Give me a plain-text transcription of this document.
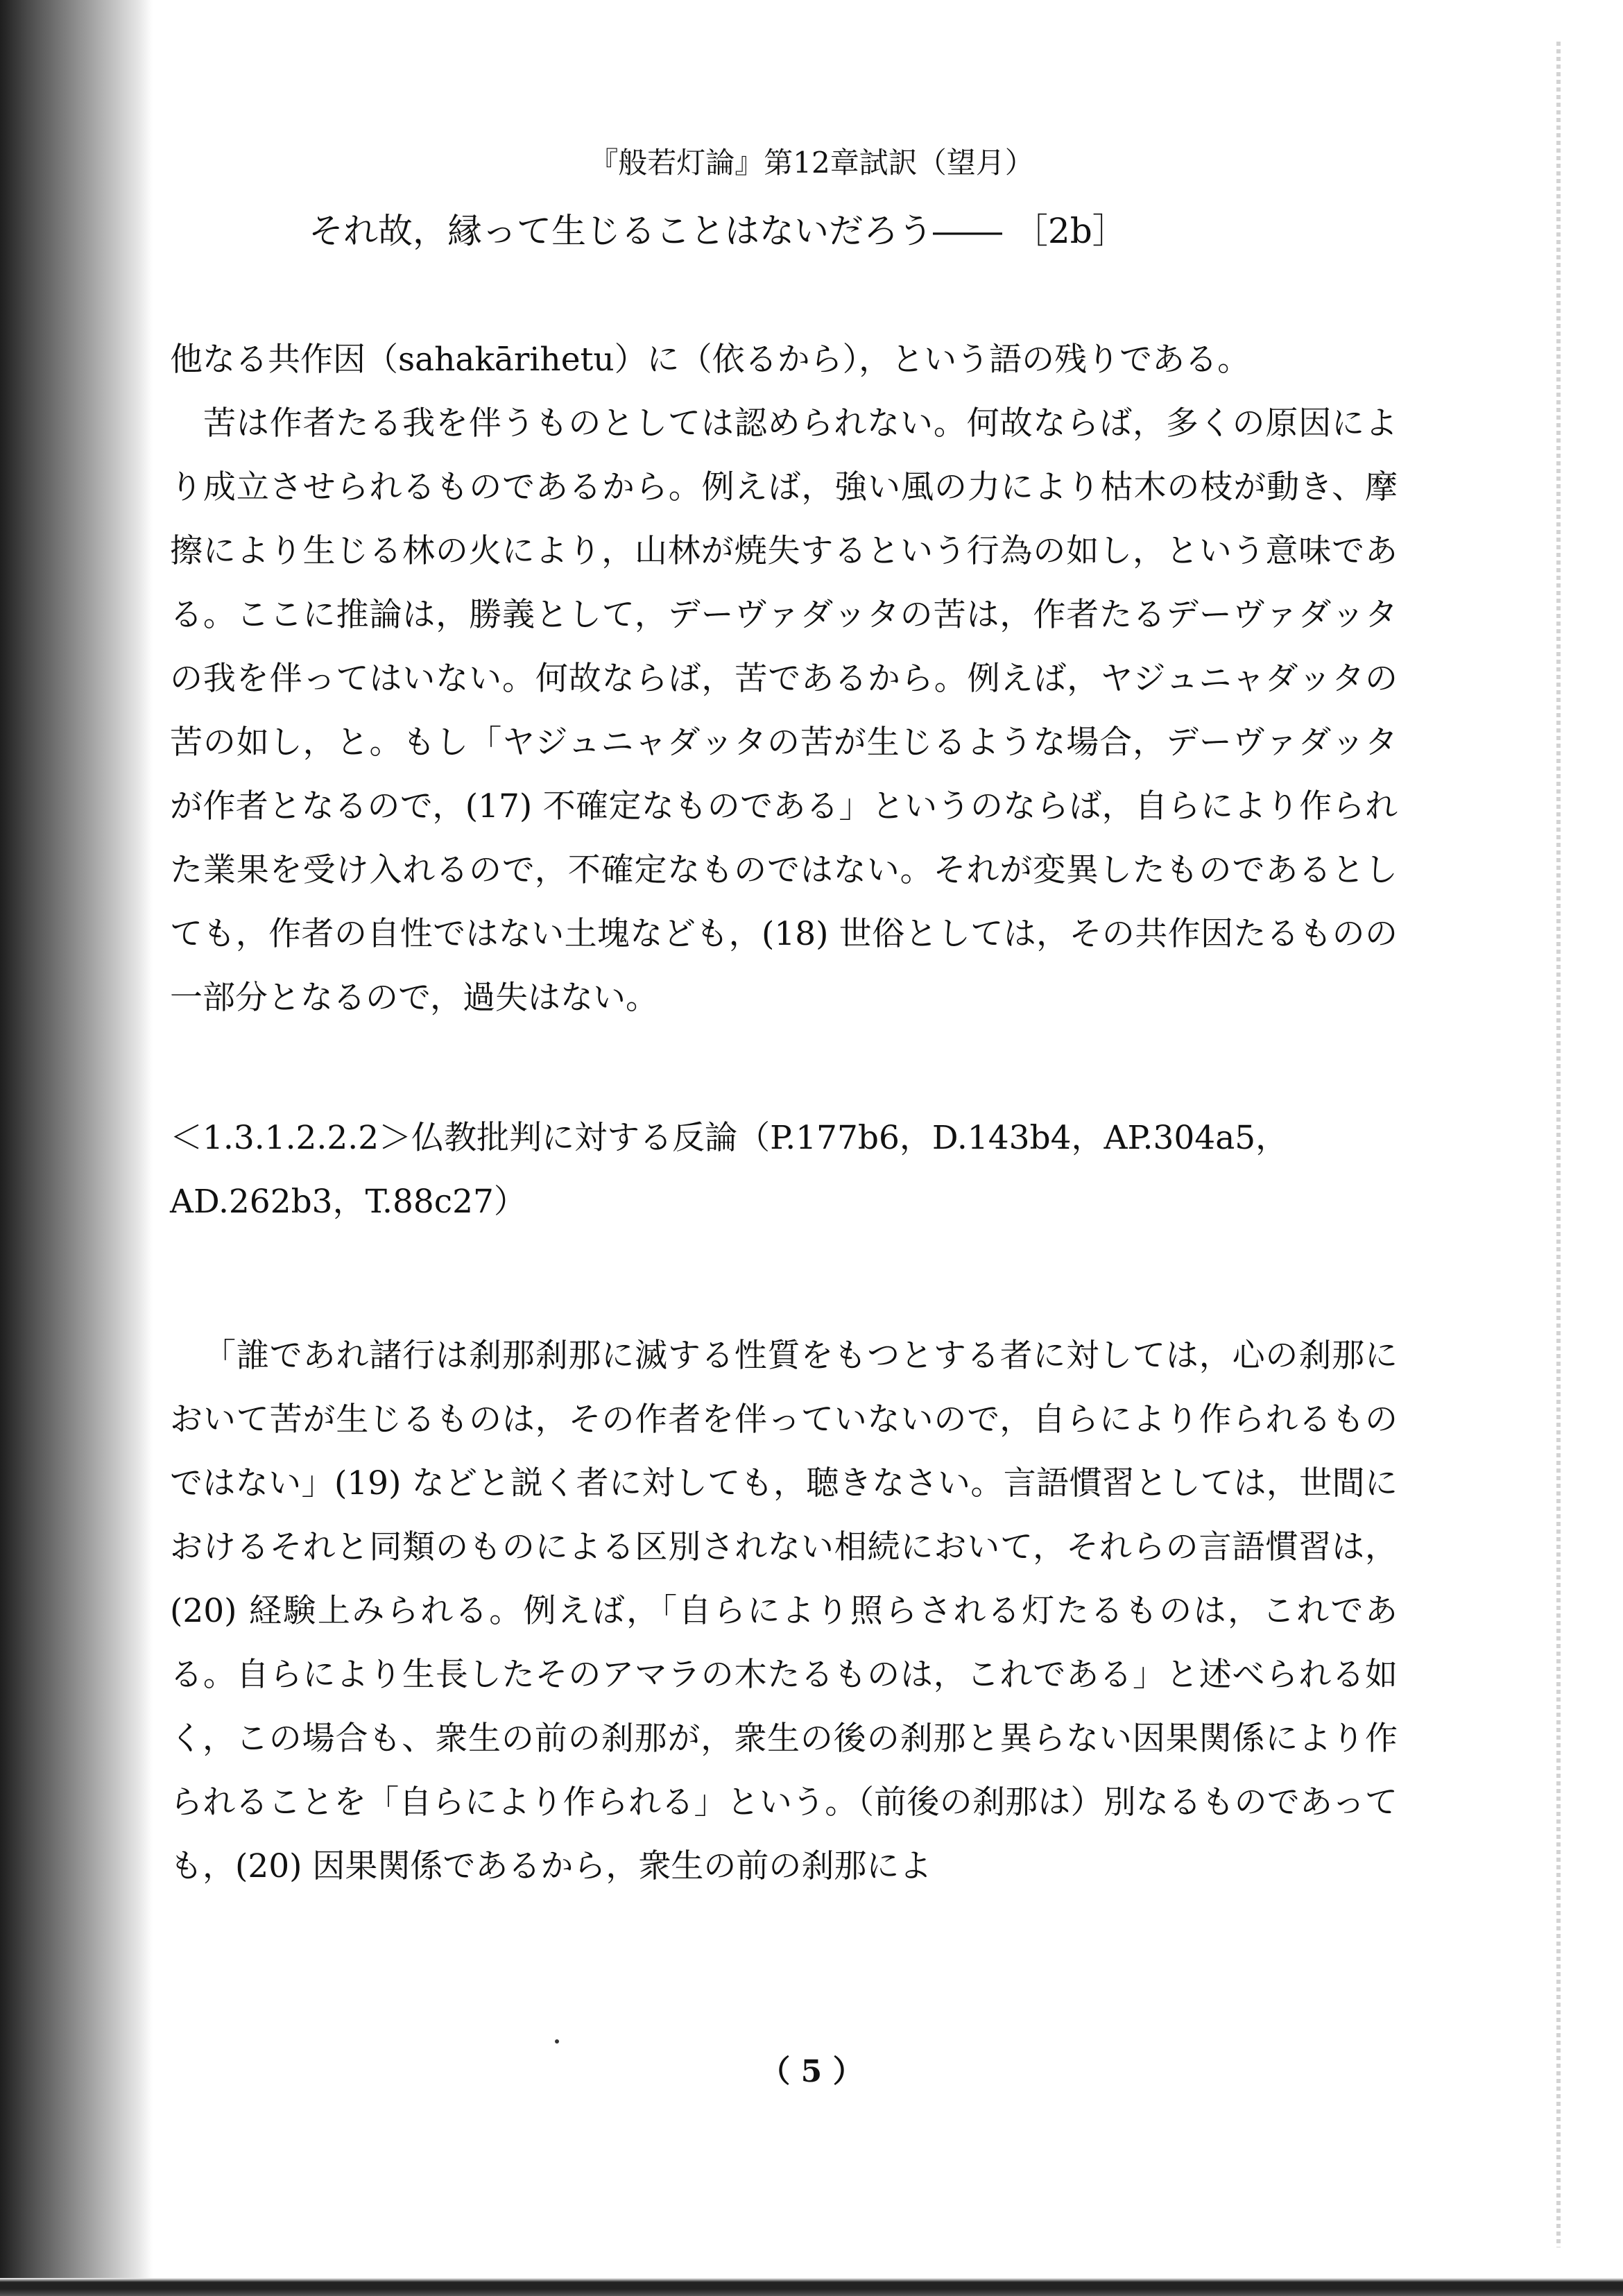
『般若灯論』第12章試訳（望月）
それ故，縁って生じることはないだろう―― ［2b］

他なる共作因（sahakārihetu）に（依るから），という語の残りである。

苦は作者たる我を伴うものとしては認められない。何故ならば，多くの原因により成立させられるものであるから。例えば，強い風の力により枯木の枝が動き、摩擦により生じる林の火により，山林が焼失するという行為の如し，という意味である。ここに推論は，勝義として，デーヴァダッタの苦は，作者たるデーヴァダッタ の我を伴ってはいない。何故ならば，苦であるから。例えば，ヤジュニャダッタの苦の如し，と。もし「ヤジュニャダッタの苦が生じるような場合，デーヴァダッタが作者となるので，(17) 不確定なものである」というのならば，自らにより作られた業果を受け入れるので，不確定なものではない。それが変異したものであるとしても，作者の自性ではない土塊なども，(18) 世俗としては，その共作因たるものの一部分となるので，過失はない。

＜1.3.1.2.2.2＞仏教批判に対する反論（P.177b6，D.143b4，AP.304a5，AD.262b3，T.88c27）

「誰であれ諸行は刹那刹那に滅する性質をもつとする者に対しては，心の刹那において苦が生じるものは，その作者を伴っていないので，自らにより作られるものではない」(19) などと説く者に対しても，聴きなさい。言語慣習としては，世間におけるそれと同類のものによる区別されない相続において，それらの言語慣習は，(20) 経験上みられる。例えば，「自らにより照らされる灯たるものは，これである。自らにより生長したそのアマラの木たるものは，これである」と述べられる如く，この場合も、衆生の前の刹那が，衆生の後の刹那と異らない因果関係により作られることを「自らにより作られる」という。（前後の刹那は）別なるものであっても，(20) 因果関係であるから，衆生の前の刹那によ

（ 5 ）
